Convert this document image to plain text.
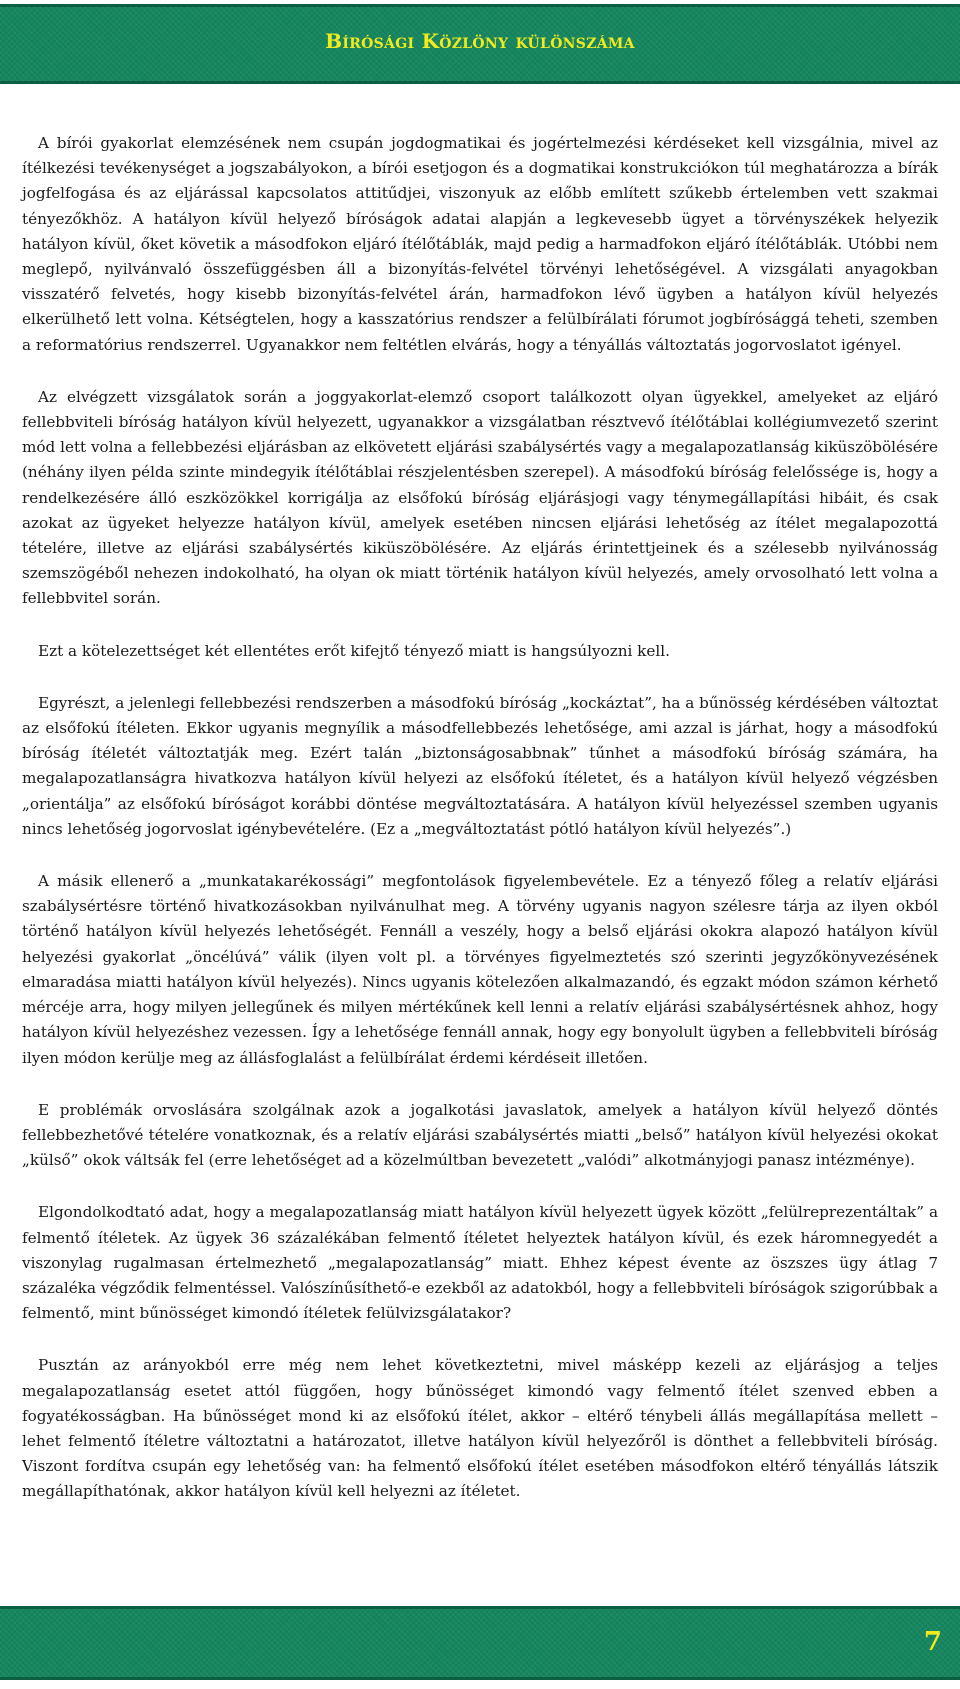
Bírósági Közlöny különszáma

A bírói gyakorlat elemzésének nem csupán jogdogmatikai és jogértelmezési kérdéseket kell vizsgálnia, mivel az ítélkezési tevékenységet a jogszabályokon, a bírói esetjogon és a dogmatikai konstrukciókon túl meghatározza a bírák jogfelfogása és az eljárással kapcsolatos attitűdjei, viszonyuk az előbb említett szűkebb értelemben vett szakmai tényezőkhöz. A hatályon kívül helyező bíróságok adatai alapján a legkevesebb ügyet a törvényszékek helyezik hatályon kívül, őket követik a másodfokon eljáró ítélőtáblák, majd pedig a harmadfokon eljáró ítélőtáblák. Utóbbi nem meglepő, nyilvánvaló összefüggésben áll a bizonyítás-felvétel törvényi lehetőségével. A vizsgálati anyagokban visszatérő felvetés, hogy kisebb bizonyítás-felvétel árán, harmadfokon lévő ügyben a hatályon kívül helyezés elkerülhető lett volna. Kétségtelen, hogy a kasszatórius rendszer a felülbírálati fórumot jogbírósággá teheti, szemben a reformatórius rendszerrel. Ugyanakkor nem feltétlen elvárás, hogy a tényállás változtatás jogorvoslatot igényel.

Az elvégzett vizsgálatok során a joggyakorlat-elemző csoport találkozott olyan ügyekkel, amelyeket az eljáró fellebbviteli bíróság hatályon kívül helyezett, ugyanakkor a vizsgálatban résztvevő ítélőtáblai kollégiumvezető szerint mód lett volna a fellebbezési eljárásban az elkövetett eljárási szabálysértés vagy a megalapozatlanság kiküszöbölésére (néhány ilyen példa szinte mindegyik ítélőtáblai részjelentésben szerepel). A másodfokú bíróság felelőssége is, hogy a rendelkezésére álló eszközökkel korrigálja az elsőfokú bíróság eljárásjogi vagy ténymegállapítási hibáit, és csak azokat az ügyeket helyezze hatályon kívül, amelyek esetében nincsen eljárási lehetőség az ítélet megalapozottá tételére, illetve az eljárási szabálysértés kiküszöbölésére. Az eljárás érintettjeinek és a szélesebb nyilvánosság szemszögéből nehezen indokolható, ha olyan ok miatt történik hatályon kívül helyezés, amely orvosolható lett volna a fellebbvitel során.

Ezt a kötelezettséget két ellentétes erőt kifejtő tényező miatt is hangsúlyozni kell.

Egyrészt, a jelenlegi fellebbezési rendszerben a másodfokú bíróság „kockáztat”, ha a bűnösség kérdésében változtat az elsőfokú ítéleten. Ekkor ugyanis megnyílik a másodfellebbezés lehetősége, ami azzal is járhat, hogy a másodfokú bíróság ítéletét változtatják meg. Ezért talán „biztonságosabbnak” tűnhet a másodfokú bíróság számára, ha megalapozatlanságra hivatkozva hatályon kívül helyezi az elsőfokú ítéletet, és a hatályon kívül helyező végzésben „orientálja” az elsőfokú bíróságot korábbi döntése megváltoztatására. A hatályon kívül helyezéssel szemben ugyanis nincs lehetőség jogorvoslat igénybevételére. (Ez a „megváltoztatást pótló hatályon kívül helyezés”.)

A másik ellenerő a „munkatakarékossági” megfontolások figyelembevétele. Ez a tényező főleg a relatív eljárási szabálysértésre történő hivatkozásokban nyilvánulhat meg. A törvény ugyanis nagyon szélesre tárja az ilyen okból történő hatályon kívül helyezés lehetőségét. Fennáll a veszély, hogy a belső eljárási okokra alapozó hatályon kívül helyezési gyakorlat „öncélúvá” válik (ilyen volt pl. a törvényes figyelmeztetés szó szerinti jegyzőkönyvezésének elmaradása miatti hatályon kívül helyezés). Nincs ugyanis kötelezően alkalmazandó, és egzakt módon számon kérhető mércéje arra, hogy milyen jellegűnek és milyen mértékűnek kell lenni a relatív eljárási szabálysértésnek ahhoz, hogy hatályon kívül helyezéshez vezessen. Így a lehetősége fennáll annak, hogy egy bonyolult ügyben a fellebbviteli bíróság ilyen módon kerülje meg az állásfoglalást a felülbírálat érdemi kérdéseit illetően.

E problémák orvoslására szolgálnak azok a jogalkotási javaslatok, amelyek a hatályon kívül helyező döntés fellebbezhetővé tételére vonatkoznak, és a relatív eljárási szabálysértés miatti „belső” hatályon kívül helyezési okokat „külső” okok váltsák fel (erre lehetőséget ad a közelmúltban bevezetett „valódi” alkotmányjogi panasz intézménye).

Elgondolkodtató adat, hogy a megalapozatlanság miatt hatályon kívül helyezett ügyek között „felülreprezentáltak” a felmentő ítéletek. Az ügyek 36 százalékában felmentő ítéletet helyeztek hatályon kívül, és ezek háromnegyedét a viszonylag rugalmasan értelmezhető „megalapozatlanság” miatt. Ehhez képest évente az öszszes ügy átlag 7 százaléka végződik felmentéssel. Valószínűsíthető-e ezekből az adatokból, hogy a fellebbviteli bíróságok szigorúbbak a felmentő, mint bűnösséget kimondó ítéletek felülvizsgálatakor?

Pusztán az arányokból erre még nem lehet következtetni, mivel másképp kezeli az eljárásjog a teljes megalapozatlanság esetet attól függően, hogy bűnösséget kimondó vagy felmentő ítélet szenved ebben a fogyatékosságban. Ha bűnösséget mond ki az elsőfokú ítélet, akkor – eltérő ténybeli állás megállapítása mellett – lehet felmentő ítéletre változtatni a határozatot, illetve hatályon kívül helyezőről is dönthet a fellebbviteli bíróság. Viszont fordítva csupán egy lehetőség van: ha felmentő elsőfokú ítélet esetében másodfokon eltérő tényállás látszik megállapíthatónak, akkor hatályon kívül kell helyezni az ítéletet.

7
